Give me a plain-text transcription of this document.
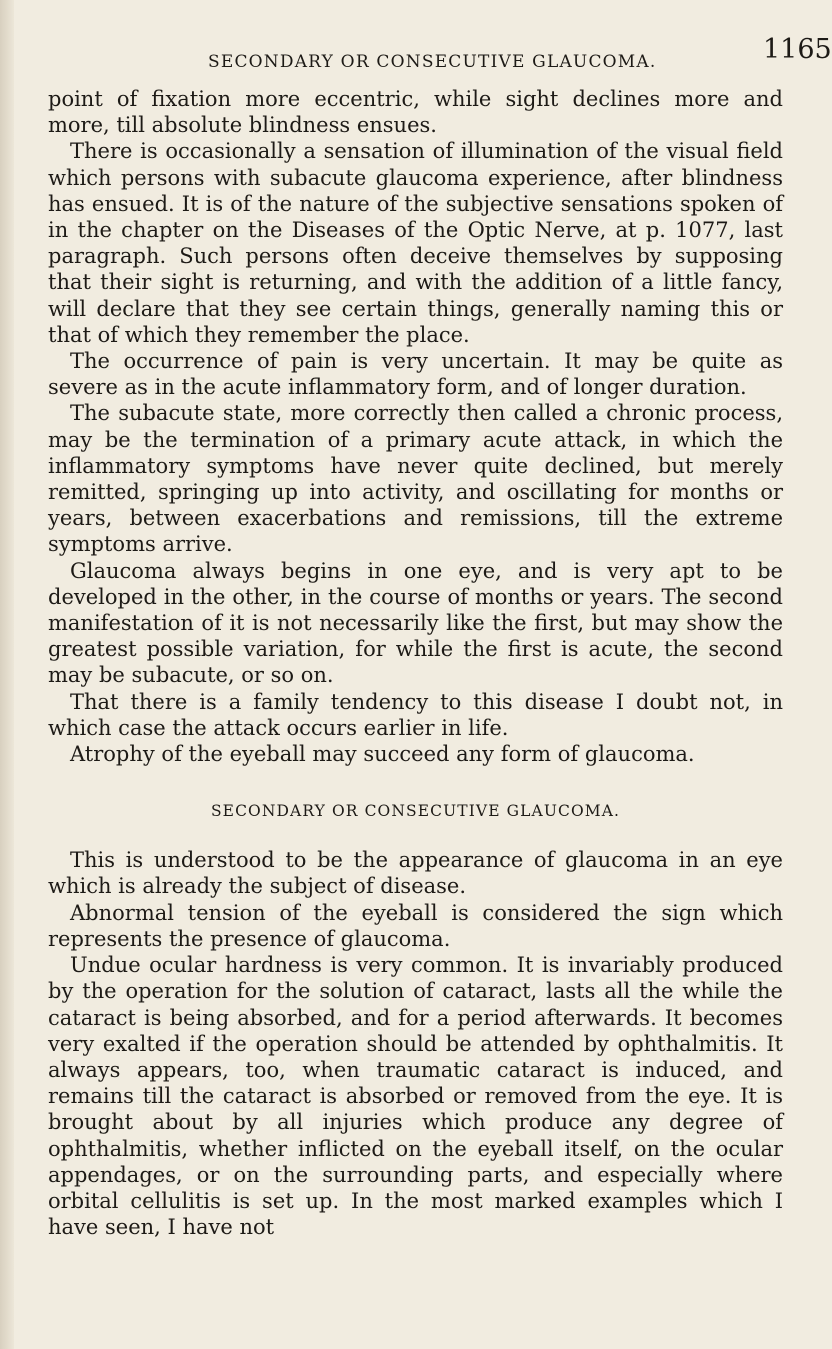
SECONDARY OR CONSECUTIVE GLAUCOMA.	1165

point of fixation more eccentric, while sight declines more and more, till absolute blindness ensues.

There is occasionally a sensation of illumination of the visual field which persons with subacute glaucoma experience, after blindness has ensued. It is of the nature of the subjective sensations spoken of in the chapter on the Diseases of the Optic Nerve, at p. 1077, last paragraph. Such persons often deceive themselves by supposing that their sight is returning, and with the addition of a little fancy, will declare that they see certain things, generally naming this or that of which they remember the place.

The occurrence of pain is very uncertain. It may be quite as severe as in the acute inflammatory form, and of longer duration.

The subacute state, more correctly then called a chronic process, may be the termination of a primary acute attack, in which the inflammatory symptoms have never quite declined, but merely remitted, springing up into activity, and oscillating for months or years, between exacerbations and remissions, till the extreme symptoms arrive.

Glaucoma always begins in one eye, and is very apt to be developed in the other, in the course of months or years. The second manifestation of it is not necessarily like the first, but may show the greatest possible variation, for while the first is acute, the second may be subacute, or so on.

That there is a family tendency to this disease I doubt not, in which case the attack occurs earlier in life.

Atrophy of the eyeball may succeed any form of glaucoma.

SECONDARY OR CONSECUTIVE GLAUCOMA.

This is understood to be the appearance of glaucoma in an eye which is already the subject of disease.

Abnormal tension of the eyeball is considered the sign which represents the presence of glaucoma.

Undue ocular hardness is very common. It is invariably produced by the operation for the solution of cataract, lasts all the while the cataract is being absorbed, and for a period afterwards. It becomes very exalted if the operation should be attended by ophthalmitis. It always appears, too, when traumatic cataract is induced, and remains till the cataract is absorbed or removed from the eye. It is brought about by all injuries which produce any degree of ophthalmitis, whether inflicted on the eyeball itself, on the ocular appendages, or on the surrounding parts, and especially where orbital cellulitis is set up. In the most marked examples which I have seen, I have not
